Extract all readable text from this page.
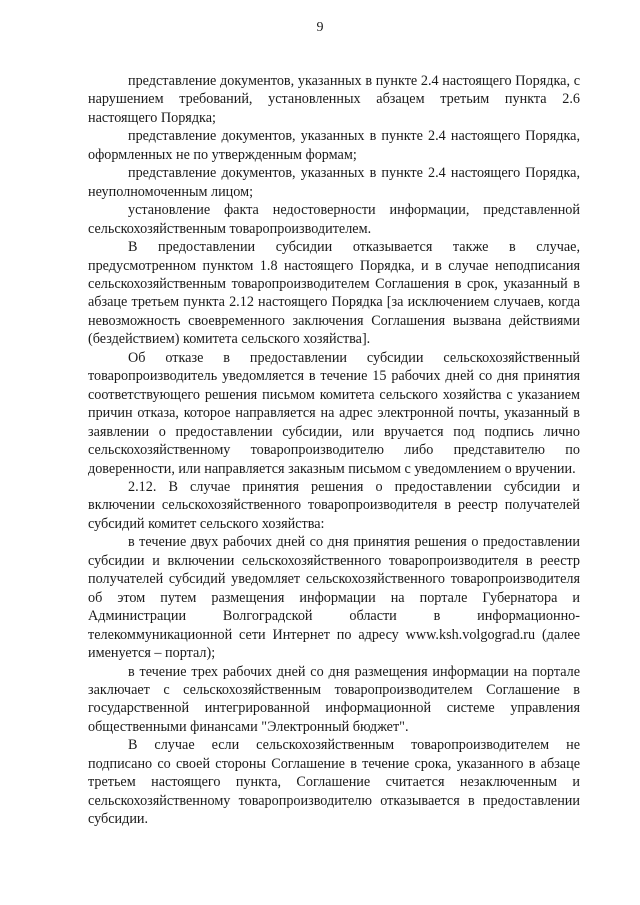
9

представление документов, указанных в пункте 2.4 настоящего Порядка, с нарушением требований, установленных абзацем третьим пункта 2.6 настоящего Порядка;

представление документов, указанных в пункте 2.4 настоящего Порядка, оформленных не по утвержденным формам;

представление документов, указанных в пункте 2.4 настоящего Порядка, неуполномоченным лицом;

установление факта недостоверности информации, представленной сельскохозяйственным товаропроизводителем.

В предоставлении субсидии отказывается также в случае, предусмотренном пунктом 1.8 настоящего Порядка, и в случае неподписания сельскохозяйственным товаропроизводителем Соглашения в срок, указанный в абзаце третьем пункта 2.12 настоящего Порядка [за исключением случаев, когда невозможность своевременного заключения Соглашения вызвана действиями (бездействием) комитета сельского хозяйства].

Об отказе в предоставлении субсидии сельскохозяйственный товаропроизводитель уведомляется в течение 15 рабочих дней со дня принятия соответствующего решения письмом комитета сельского хозяйства с указанием причин отказа, которое направляется на адрес электронной почты, указанный в заявлении о предоставлении субсидии, или вручается под подпись лично сельскохозяйственному товаропроизводителю либо представителю по доверенности, или направляется заказным письмом с уведомлением о вручении.

2.12. В случае принятия решения о предоставлении субсидии и включении сельскохозяйственного товаропроизводителя в реестр получателей субсидий комитет сельского хозяйства:

в течение двух рабочих дней со дня принятия решения о предоставлении субсидии и включении сельскохозяйственного товаропроизводителя в реестр получателей субсидий уведомляет сельскохозяйственного товаропроизводителя об этом путем размещения информации на портале Губернатора и Администрации Волгоградской области в информационно-телекоммуникационной сети Интернет по адресу www.ksh.volgograd.ru (далее именуется – портал);

в течение трех рабочих дней со дня размещения информации на портале заключает с сельскохозяйственным товаропроизводителем Соглашение в государственной интегрированной информационной системе управления общественными финансами "Электронный бюджет".

В случае если сельскохозяйственным товаропроизводителем не подписано со своей стороны Соглашение в течение срока, указанного в абзаце третьем настоящего пункта, Соглашение считается незаключенным и сельскохозяйственному товаропроизводителю отказывается в предоставлении субсидии.
